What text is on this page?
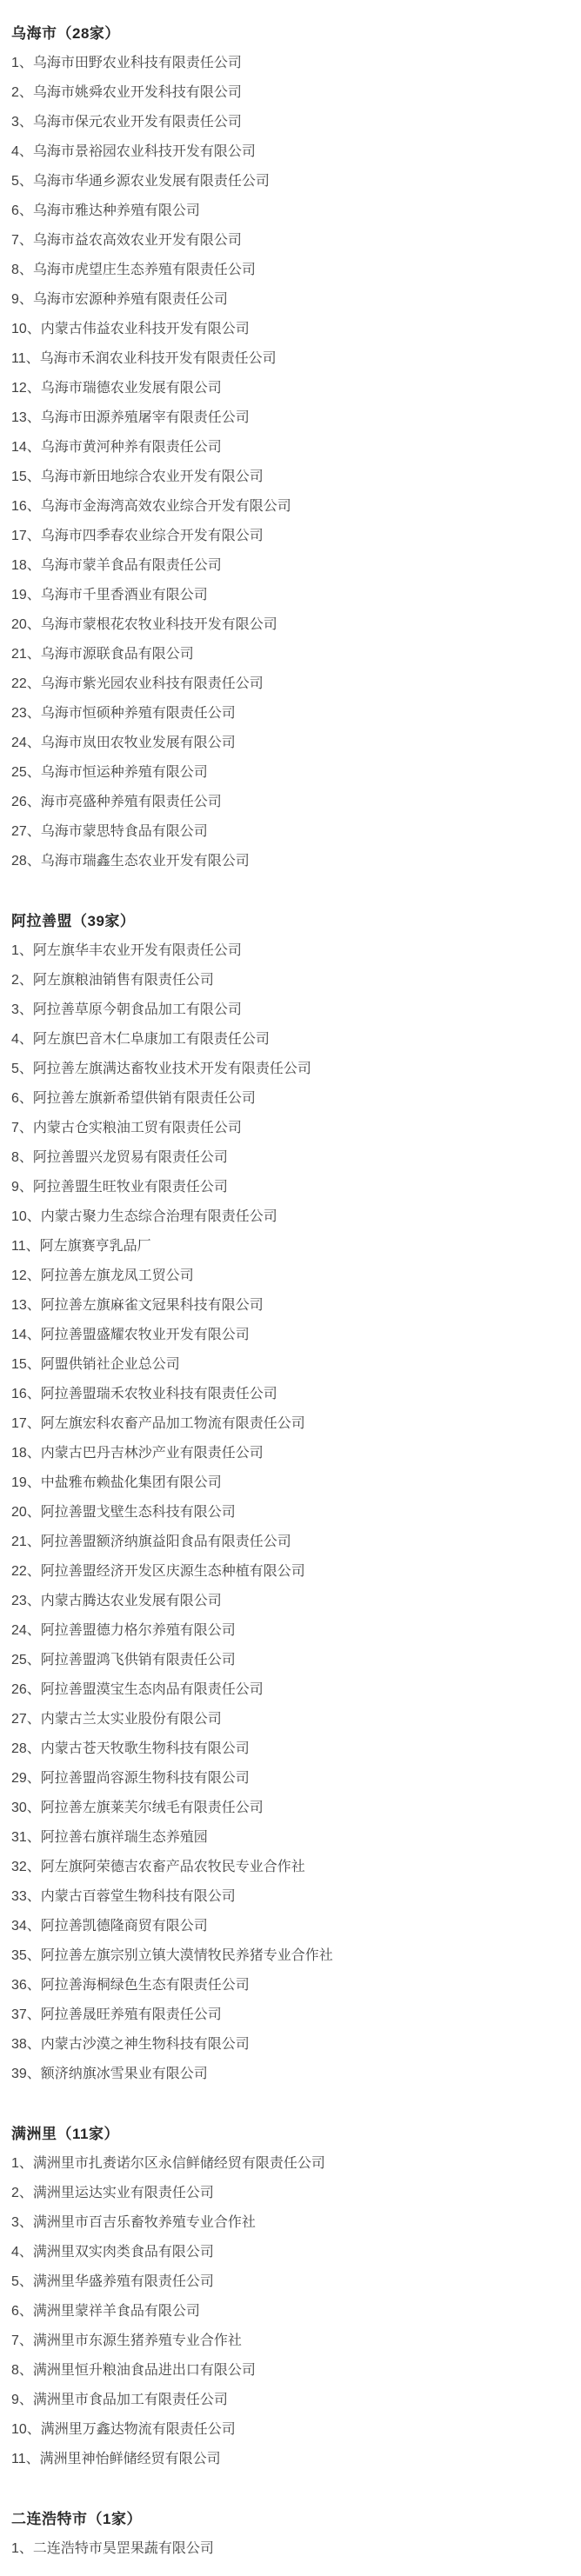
乌海市（28家）

1、乌海市田野农业科技有限责任公司

2、乌海市姚舜农业开发科技有限公司

3、乌海市保元农业开发有限责任公司

4、乌海市景裕园农业科技开发有限公司

5、乌海市华通乡源农业发展有限责任公司

6、乌海市雅达种养殖有限公司

7、乌海市益农高效农业开发有限公司

8、乌海市虎望庄生态养殖有限责任公司

9、乌海市宏源种养殖有限责任公司

10、内蒙古伟益农业科技开发有限公司

11、乌海市禾润农业科技开发有限责任公司

12、乌海市瑞德农业发展有限公司

13、乌海市田源养殖屠宰有限责任公司

14、乌海市黄河种养有限责任公司

15、乌海市新田地综合农业开发有限公司

16、乌海市金海湾高效农业综合开发有限公司

17、乌海市四季春农业综合开发有限公司

18、乌海市蒙羊食品有限责任公司

19、乌海市千里香酒业有限公司

20、乌海市蒙根花农牧业科技开发有限公司

21、乌海市源联食品有限公司

22、乌海市紫光园农业科技有限责任公司

23、乌海市恒硕种养殖有限责任公司

24、乌海市岚田农牧业发展有限公司

25、乌海市恒运种养殖有限公司

26、海市亮盛种养殖有限责任公司

27、乌海市蒙思特食品有限公司

28、乌海市瑞鑫生态农业开发有限公司

阿拉善盟（39家）

1、阿左旗华丰农业开发有限责任公司

2、阿左旗粮油销售有限责任公司

3、阿拉善草原今朝食品加工有限公司

4、阿左旗巴音木仁阜康加工有限责任公司

5、阿拉善左旗满达畜牧业技术开发有限责任公司

6、阿拉善左旗新希望供销有限责任公司

7、内蒙古仓实粮油工贸有限责任公司

8、阿拉善盟兴龙贸易有限责任公司

9、阿拉善盟生旺牧业有限责任公司

10、内蒙古聚力生态综合治理有限责任公司

11、阿左旗赛亨乳品厂

12、阿拉善左旗龙凤工贸公司

13、阿拉善左旗麻雀文冠果科技有限公司

14、阿拉善盟盛耀农牧业开发有限公司

15、阿盟供销社企业总公司

16、阿拉善盟瑞禾农牧业科技有限责任公司

17、阿左旗宏科农畜产品加工物流有限责任公司

18、内蒙古巴丹吉林沙产业有限责任公司

19、中盐雅布赖盐化集团有限公司

20、阿拉善盟戈壁生态科技有限公司

21、阿拉善盟额济纳旗益阳食品有限责任公司

22、阿拉善盟经济开发区庆源生态种植有限公司

23、内蒙古腾达农业发展有限公司

24、阿拉善盟德力格尔养殖有限公司

25、阿拉善盟鸿飞供销有限责任公司

26、阿拉善盟漠宝生态肉品有限责任公司

27、内蒙古兰太实业股份有限公司

28、内蒙古苍天牧歌生物科技有限公司

29、阿拉善盟尚容源生物科技有限公司

30、阿拉善左旗莱芙尔绒毛有限责任公司

31、阿拉善右旗祥瑞生态养殖园

32、阿左旗阿荣德吉农畜产品农牧民专业合作社

33、内蒙古百蓉堂生物科技有限公司

34、阿拉善凯德隆商贸有限公司

35、阿拉善左旗宗别立镇大漠情牧民养猪专业合作社

36、阿拉善海桐绿色生态有限责任公司

37、阿拉善晟旺养殖有限责任公司

38、内蒙古沙漠之神生物科技有限公司

39、额济纳旗冰雪果业有限公司

满洲里（11家）

1、满洲里市扎赉诺尔区永信鲜储经贸有限责任公司

2、满洲里运达实业有限责任公司

3、满洲里市百吉乐畜牧养殖专业合作社

4、满洲里双实肉类食品有限公司

5、满洲里华盛养殖有限责任公司

6、满洲里蒙祥羊食品有限公司

7、满洲里市东源生猪养殖专业合作社

8、满洲里恒升粮油食品进出口有限公司

9、满洲里市食品加工有限责任公司

10、满洲里万鑫达物流有限责任公司

11、满洲里神怡鲜储经贸有限公司

二连浩特市（1家）

1、二连浩特市昊罡果蔬有限公司
